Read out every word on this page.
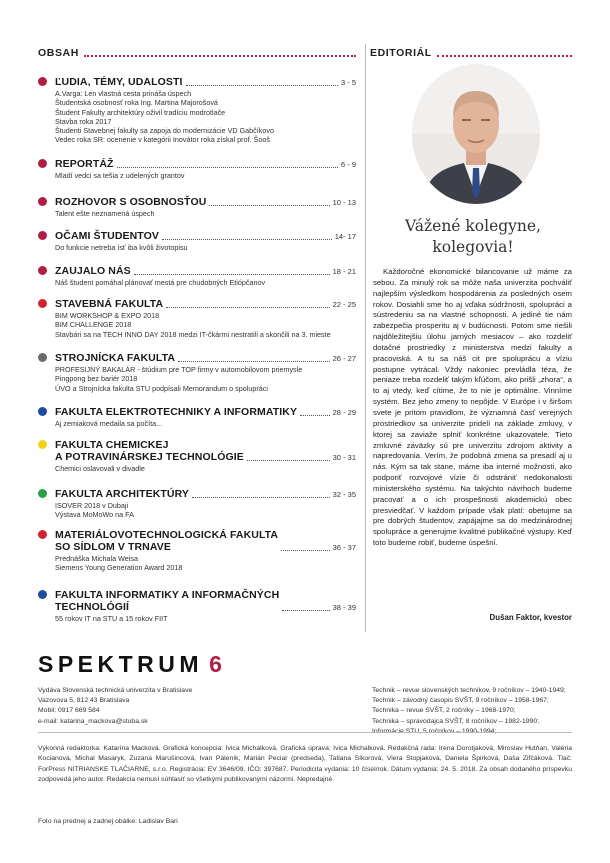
OBSAH	EDITORIÁL
ĽUDIA, TÉMY, UDALOSTI	3 - 5
A.Varga: Len vlastná cesta prináša úspech
Študentská osobnosť roka Ing. Martina Majorošová
Študent Fakulty architektúry oživil tradíciu modrotlače
Stavba roka 2017
Študenti Stavebnej fakulty sa zapoja do modernizácie VD Gabčíkovo
Vedec roka SR: ocenenie v kategórii Inovátor roka získal prof. Šooš
REPORTÁŽ	6 - 9
Mladí vedci sa tešia z udelených grantov
ROZHOVOR S OSOBNOSŤOU	10 - 13
Talent ešte neznamená úspech
OČAMI ŠTUDENTOV	14- 17
Do funkcie netreba ísť iba kvôli životopisu
ZAUJALO NÁS	18 - 21
Náš študent pomáhal plánovať mestá pre chudobných Etiópčanov
STAVEBNÁ FAKULTA	22 - 25
BIM WORKSHOP & EXPO 2018
BIM CHALLENGE 2018
Stavbári sa na TECH INNO DAY 2018 medzi IT-čkármi nestratili a skončili na 3. mieste
STROJNÍCKA FAKULTA	26 - 27
PROFESIJNÝ BAKALÁR - štúdium pre TOP firmy v automobilovom priemysle
Pingpong bez bariér 2018
ÚVO a Strojnícka fakulta STU podpísali Memorandum o spolupráci
FAKULTA ELEKTROTECHNIKY A INFORMATIKY	28 - 29
Aj zemiaková medaila sa počíta...
FAKULTA CHEMICKEJ
A POTRAVINÁRSKEJ TECHNOLÓGIE	30 - 31
Chemici oslavovali v divadle
FAKULTA ARCHITEKTÚRY	32 - 35
ISOVER 2018 v Dubaji
Výstava MoMoWo na FA
MATERIÁLOVOTECHNOLOGICKÁ FAKULTA
SO SÍDLOM V TRNAVE	36 - 37
Prednáška Michala Weisa
Siemens Young Generation Award 2018
FAKULTA INFORMATIKY A INFORMAČNÝCH
TECHNOLÓGIÍ	38 - 39
55 rokov IT na STU a 15 rokov FIIT
Vážené kolegyne,
kolegovia!
Každoročné ekonomické bilancovanie už máme za sebou. Za minulý rok sa môže naša univerzita pochváliť najlepším výsledkom hospodárenia za posledných osem rokov. Dosiahli sme ho aj vďaka súdržnosti, spolupráci a sústredeniu sa na vlastné schopnosti. A jediné tie nám zabezpečia prosperitu aj v budúcnosti. Potom sme riešili najdôležitejšiu úlohu jarných mesiacov – ako rozdeliť dotačné prostriedky z ministerstva medzi fakulty a pracoviská. A tu sa náš cit pre spoluprácu a víziu postupne vytrácal. Vždy nakoniec prevládla téza, že peniaze treba rozdeliť takým kľúčom, ako prišli „zhora“, a to aj vtedy, keď cítime, že to nie je optimálne. Vinníme systém. Bez jeho zmeny to nepôjde. V Európe i v širšom svete je pritom pravidlom, že významná časť verejných prostriedkov sa univerzite pridelí na základe zmluvy, v ktorej sa zaviaže splniť konkrétne ukazovatele. Tieto zmluvné záväzky sú pre univerzitu zdrojom aktivity a napredovania. Verím, že podobná zmena sa presadí aj u nás. Kým sa tak stane, máme iba interné možnosti, ako podporiť rozvojové vízie či odstrániť nedokonalosti ministerského systému. Na takýchto návrhoch budeme pracovať a o ich prospešnosti akademickú obec presviedčať. V každom prípade však platí: obetujme sa pre dobrých študentov, zapájajme sa do medzinárodnej spolupráce a generujme kvalitné publikačné výstupy. Keď toto budeme robiť, budeme úspešní.
Dušan Faktor, kvestor
SPEKTRUM 6
Vydáva Slovenská technická univerzita v Bratislave
Vazovova 5, 812 43 Bratislava
Mobil: 0917 669 584
e-mail: katarina_mackova@stuba.sk
Technik – revue slovenských technikov, 9 ročníkov – 1940-1949;
Technik – závodný časopis SVŠT, 9 ročníkov – 1958-1967;
Technika – revue SVŠT, 2 ročníky – 1968-1970;
Technika – spravodajca SVŠT, 8 ročníkov – 1982-1990;
Informácie STU, 5 ročníkov – 1990-1994;
Výkonná redaktorka: Katarína Macková. Grafická koncepcia: Ivica Michalková. Grafická úprava: Ivica Michalková. Redakčná rada: Irena Dorotjaková, Miroslav Hutňan, Valéria Kocianová, Michal Masaryk, Zuzana Marušincová, Ivan Páleník, Marián Peciar (predseda), Tatiana Síkorová, Viera Stopjaková, Daniela Špirková, Daša Zifčáková. Tlač: ForPress NITRIANSKE TLAČIARNE, s.r.o. Registrácia: EV 3646/09. IČO: 397687. Periodicita vydania: 10 čísel/rok. Dátum vydania: 24. 5. 2018. Za obsah dodaného príspevku zodpovedá jeho autor. Redakcia nemusí súhlasiť so všetkými publikovanými názormi. Nepredajné.
Foto na prednej a zadnej obálke: Ladislav Bari
